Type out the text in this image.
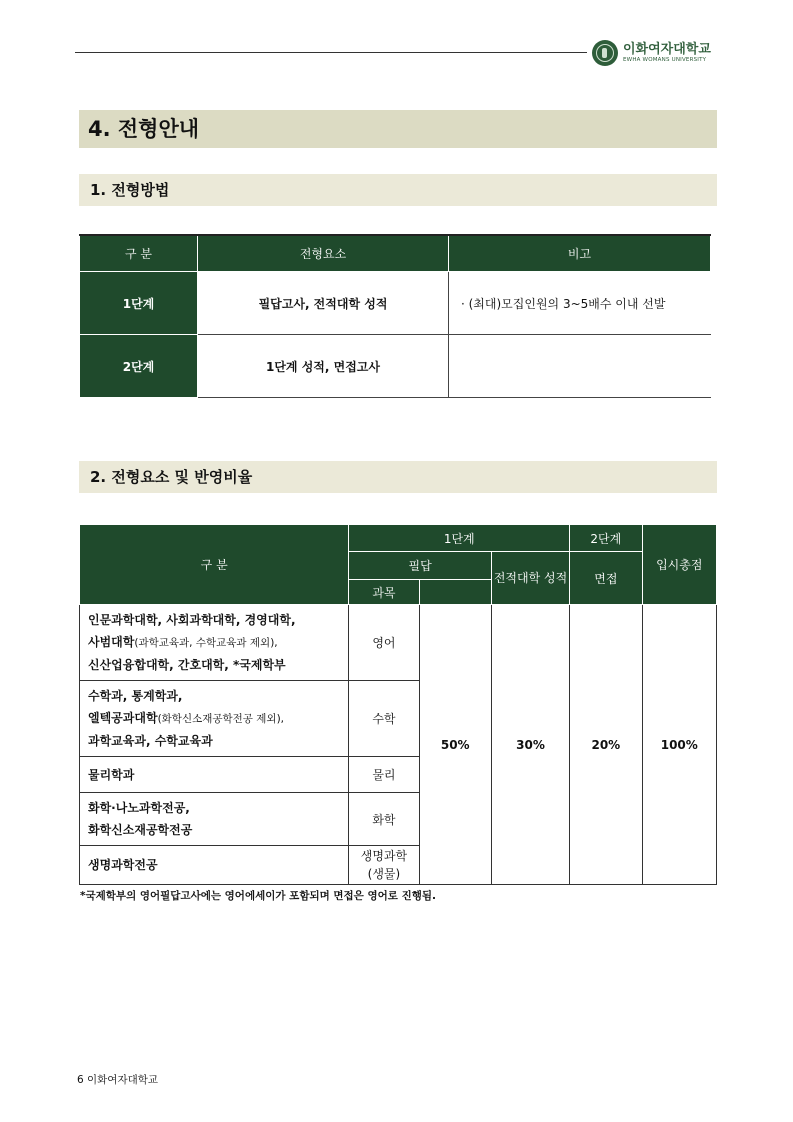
이화여자대학교
EWHA WOMANS UNIVERSITY
4. 전형안내
1. 전형방법
구 분	전형요소	비고
1단계	필답고사, 전적대학 성적	· (최대)모집인원의 3~5배수 이내 선발
2단계	1단계 성적, 면접고사	
2. 전형요소 및 반영비율
구 분	1단계			2단계	입시총점
	필답		전적대학 성적	면접	
	과목				
인문과학대학, 사회과학대학, 경영대학,
사범대학(과학교육과, 수학교육과 제외),
신산업융합대학, 간호대학, *국제학부	영어	50%	30%	20%	100%
수학과, 통계학과,
엘텍공과대학(화학신소재공학전공 제외),
과학교육과, 수학교육과	수학				
물리학과	물리				
화학·나노과학전공,
화학신소재공학전공	화학				
생명과학전공	생명과학
(생물)				
*국제학부의 영어필답고사에는 영어에세이가 포함되며 면접은 영어로 진행됨.
6 이화여자대학교
